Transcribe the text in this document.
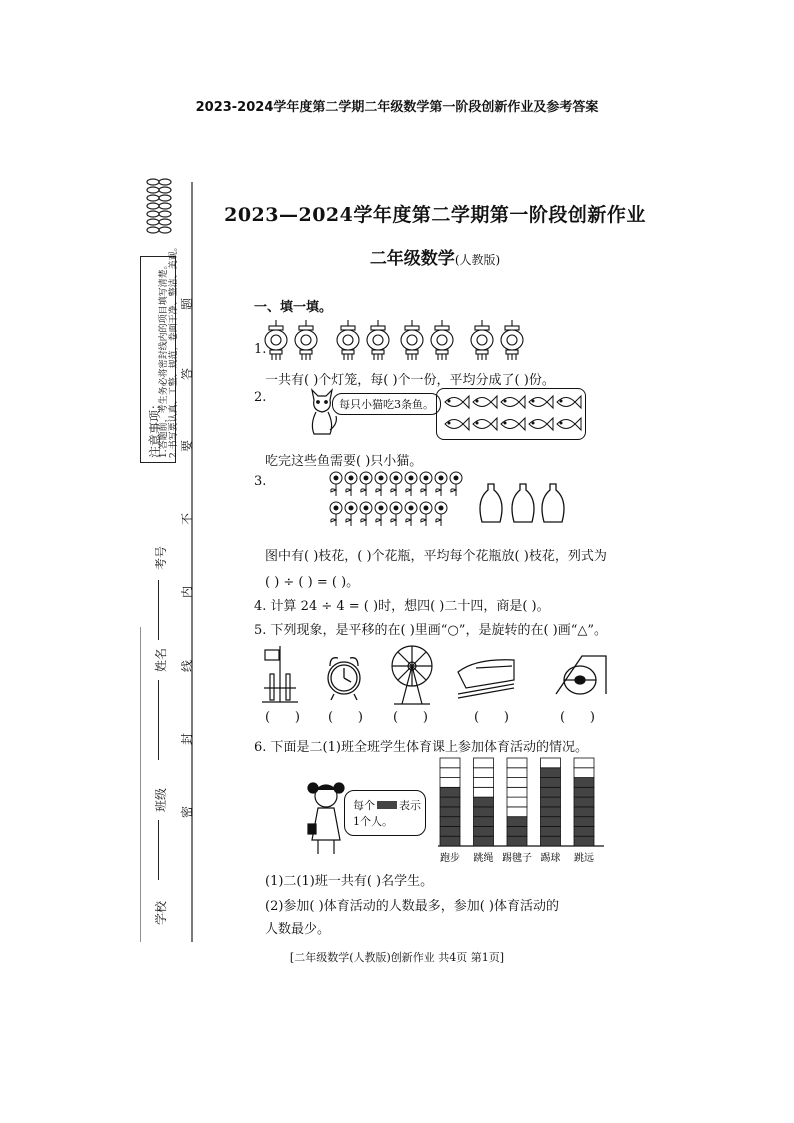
2023-2024学年度第二学期二年级数学第一阶段创新作业及参考答案
注意事项：
1.答题前，考生务必将密封线内的项目填写清楚。 2.书写要认真、工整、规范，卷面干净、整洁、美观。
考号
姓名
班级
学校
题
答
要
不
内
线
封
密
2023—2024学年度第二学期第一阶段创新作业
二年级数学(人教版)
一、填一填。
1.
一共有( )个灯笼，每( )个一份，平均分成了( )份。
2.	每只小猫吃3条鱼。
吃完这些鱼需要( )只小猫。
3.
图中有( )枝花，( )个花瓶，平均每个花瓶放( )枝花，列式为
( ) ÷ ( ) = ( )。
4. 计算 24 ÷ 4 = ( )时，想四( )二十四，商是( )。
5. 下列现象，是平移的在( )里画“○”，是旋转的在( )画“△”。
(      ) (      ) (      )	(      )	(      )
6. 下面是二(1)班全班学生体育课上参加体育活动的情况。
每个 表示
1个人。
跑步 跳绳 踢毽子 踢球 跳远
(1)二(1)班一共有( )名学生。
(2)参加( )体育活动的人数最多，参加( )体育活动的
人数最少。
[二年级数学(人教版)创新作业 共4页 第1页]
